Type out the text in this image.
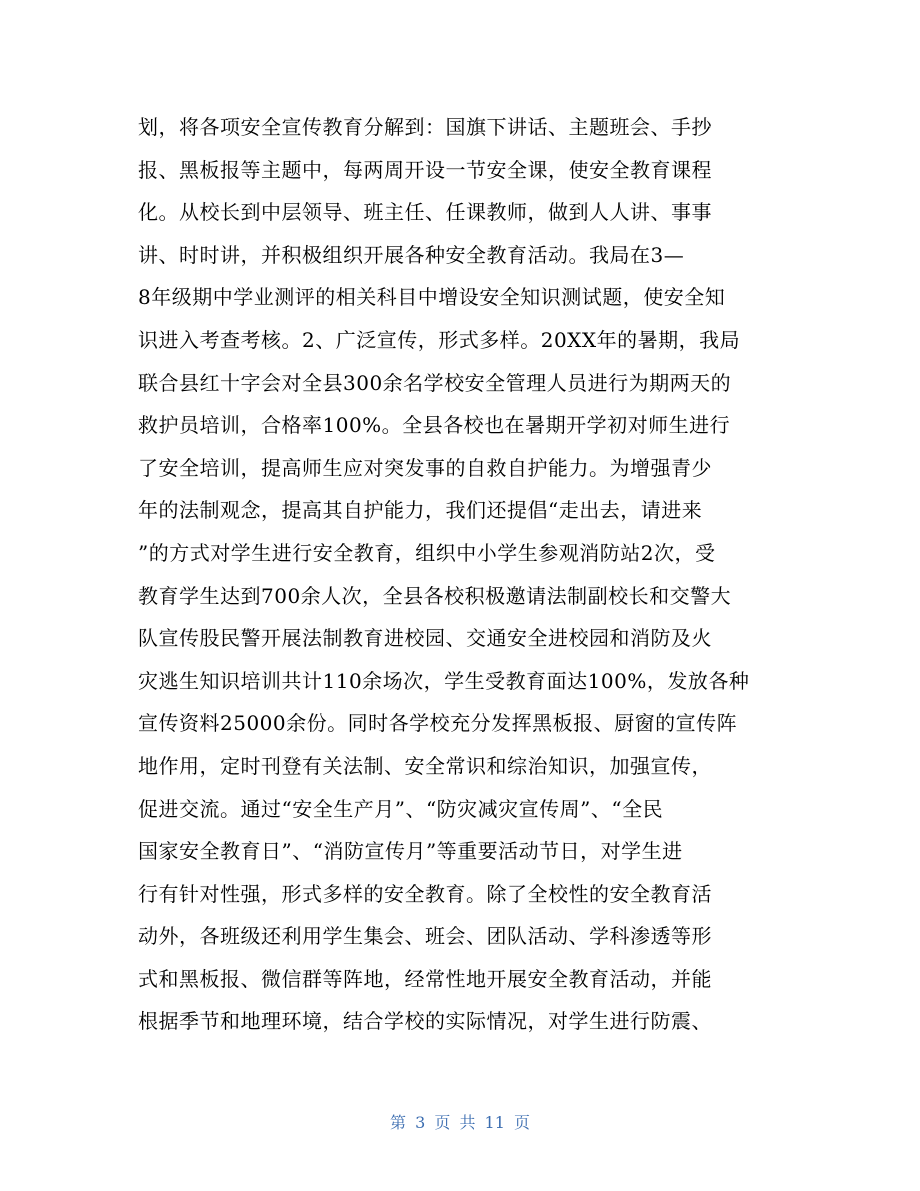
划，将各项安全宣传教育分解到：国旗下讲话、主题班会、手抄
报、黑板报等主题中，每两周开设一节安全课，使安全教育课程
化。从校长到中层领导、班主任、任课教师，做到人人讲、事事
讲、时时讲，并积极组织开展各种安全教育活动。我局在3—
8年级期中学业测评的相关科目中增设安全知识测试题，使安全知
识进入考查考核。2、广泛宣传，形式多样。20XX年的暑期，我局
联合县红十字会对全县300余名学校安全管理人员进行为期两天的
救护员培训，合格率100%。全县各校也在暑期开学初对师生进行
了安全培训，提高师生应对突发事的自救自护能力。为增强青少
年的法制观念，提高其自护能力，我们还提倡“走出去，请进来
”的方式对学生进行安全教育，组织中小学生参观消防站2次，受
教育学生达到700余人次，全县各校积极邀请法制副校长和交警大
队宣传股民警开展法制教育进校园、交通安全进校园和消防及火
灾逃生知识培训共计110余场次，学生受教育面达100%，发放各种
宣传资料25000余份。同时各学校充分发挥黑板报、厨窗的宣传阵
地作用，定时刊登有关法制、安全常识和综治知识，加强宣传，
促进交流。通过“安全生产月”、“防灾减灾宣传周”、“全民
国家安全教育日”、“消防宣传月”等重要活动节日，对学生进
行有针对性强，形式多样的安全教育。除了全校性的安全教育活
动外，各班级还利用学生集会、班会、团队活动、学科渗透等形
式和黑板报、微信群等阵地，经常性地开展安全教育活动，并能
根据季节和地理环境，结合学校的实际情况，对学生进行防震、
第 3 页 共 11 页
